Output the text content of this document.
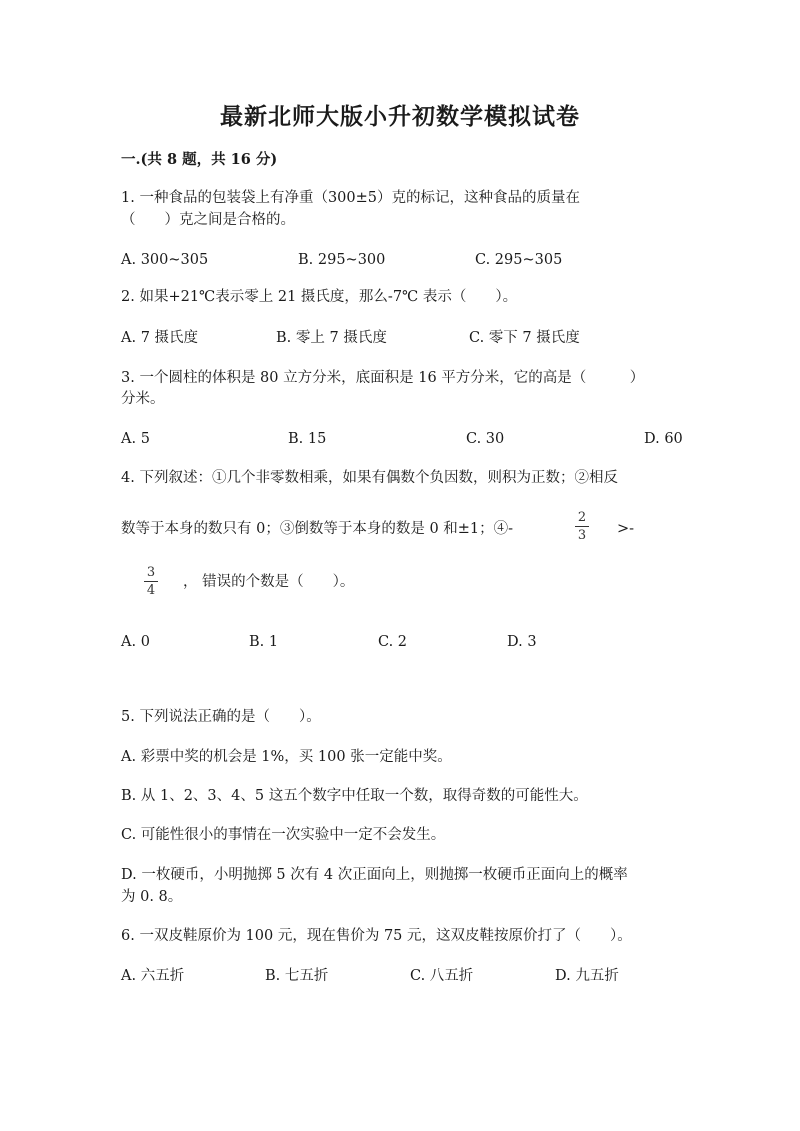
最新北师大版小升初数学模拟试卷
一.(共 8 题，共 16 分)
1. 一种食品的包装袋上有净重（300±5）克的标记，这种食品的质量在
（　　）克之间是合格的。
A. 300~305	B. 295~300	C. 295~305
2. 如果+21℃表示零上 21 摄氏度，那么-7℃ 表示（　　）。
A. 7 摄氏度	B. 零上 7 摄氏度	C. 零下 7 摄氏度
3. 一个圆柱的体积是 80 立方分米，底面积是 16 平方分米，它的高是（　　　）
分米。
A. 5	B. 15	C. 30	D. 60
4. 下列叙述：①几个非零数相乘，如果有偶数个负因数，则积为正数；②相反
数等于本身的数只有 0；③倒数等于本身的数是 0 和±1；④-
2
3 >-
3
4
， 错误的个数是（　　）。
A. 0	B. 1	C. 2	D. 3
5. 下列说法正确的是（　　）。
A. 彩票中奖的机会是 1%，买 100 张一定能中奖。
B. 从 1、2、3、4、5 这五个数字中任取一个数，取得奇数的可能性大。
C. 可能性很小的事情在一次实验中一定不会发生。
D. 一枚硬币，小明抛掷 5 次有 4 次正面向上，则抛掷一枚硬币正面向上的概率
为 0. 8。
6. 一双皮鞋原价为 100 元，现在售价为 75 元，这双皮鞋按原价打了（　　）。
A. 六五折	B. 七五折	C. 八五折	D. 九五折
